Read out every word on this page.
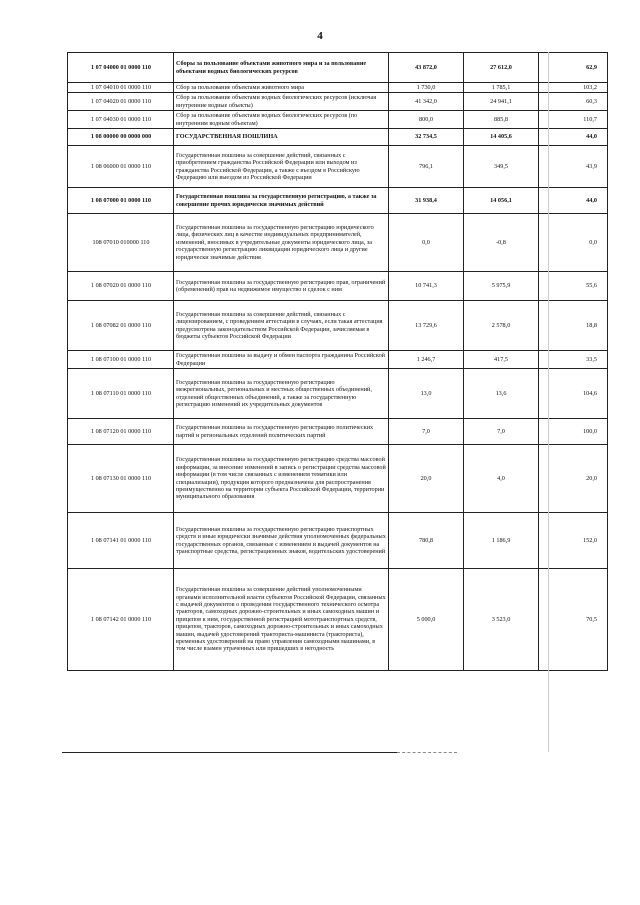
4
1 07 04000 01 0000 110	Сборы за пользование объектами животного мира и за пользование объектами водных биологических ресурсов	43 872,0	27 612,0	62,9
1 07 04010 01 0000 110	Сбор за пользование объектами животного мира	1 730,0	1 785,1	103,2
1 07 04020 01 0000 110	Сбор за пользование объектами водных биологических ресурсов (исключая внутренние водные объекты)	41 342,0	24 941,1	60,3
1 07 04030 01 0000 110	Сбор за пользование объектами водных биологических ресурсов (по внутренним водным объектам)	800,0	885,8	110,7
1 08 00000 00 0000 000	ГОСУДАРСТВЕННАЯ ПОШЛИНА	32 734,5	14 405,6	44,0
1 08 06000 01 0000 110	Государственная пошлина за совершение действий, связанных с приобретением гражданства Российской Федерации или выходом из гражданства Российской Федерации, а также с въездом в Российскую Федерацию или выездом из Российской Федерации	796,1	349,5	43,9
1 08 07000 01 0000 110	Государственная пошлина за государственную регистрацию, а также за совершение прочих юридически значимых действий	31 938,4	14 056,1	44,0
108 07010 010000 110	Государственная пошлина за государственную регистрацию юридического лица, физических лиц в качестве индивидуальных предпринимателей, изменений, вносимых в учредительные документы юридического лица, за государственную регистрацию ликвидации юридического лица и другие юридически значимые действия	0,0	-0,8	0,0
1 08 07020 01 0000 110	Государственная пошлина за государственную регистрацию прав, ограничений (обременений) прав на недвижимое имущество и сделок с ним	10 741,3	5 975,9	55,6
1 08 07082 01 0000 110	Государственная пошлина за совершение действий, связанных с лицензированием, с проведением аттестации в случаях, если такая аттестация предусмотрена законодательством Российской Федерации, зачисляемая в бюджеты субъектов Российской Федерации	13 729,6	2 578,0	18,8
1 08 07100 01 0000 110	Государственная пошлина за выдачу и обмен паспорта гражданина Российской Федерации	1 246,7	417,5	33,5
1 08 07110 01 0000 110	Государственная пошлина за государственную регистрацию межрегиональных, региональных и местных общественных объединений, отделений общественных объединений, а также за государственную регистрацию изменений их учредительных документов	13,0	13,6	104,6
1 08 07120 01 0000 110	Государственная пошлина за государственную регистрацию политических партий и региональных отделений политических партий	7,0	7,0	100,0
1 08 07130 01 0000 110	Государственная пошлина за государственную регистрацию средства массовой информации, за внесение изменений в запись о регистрации средства массовой информации (в том числе связанных с изменением тематики или специализации), продукция которого предназначена для распространения преимущественно на территории субъекта Российской Федерации, территории муниципального образования	20,0	4,0	20,0
1 08 07141 01 0000 110	Государственная пошлина за государственную регистрацию транспортных средств и иные юридически значимые действия уполномоченных федеральных государственных органов, связанные с изменением и выдачей документов на транспортные средства, регистрационных знаков, водительских удостоверений	780,8	1 186,9	152,0
1 08 07142 01 0000 110	Государственная пошлина за совершение действий уполномоченными органами исполнительной власти субъектов Российской Федерации, связанных с выдачей документов о проведении государственного технического осмотра тракторов, самоходных дорожно-строительных и иных самоходных машин и прицепов к ним, государственной регистрацией мототранспортных средств, прицепов, тракторов, самоходных дорожно-строительных и иных самоходных машин, выдачей удостоверений тракториста-машиниста (тракториста), временных удостоверений на право управления самоходными машинами, в том числе взамен утраченных или пришедших в негодность	5 000,0	3 523,0	70,5
